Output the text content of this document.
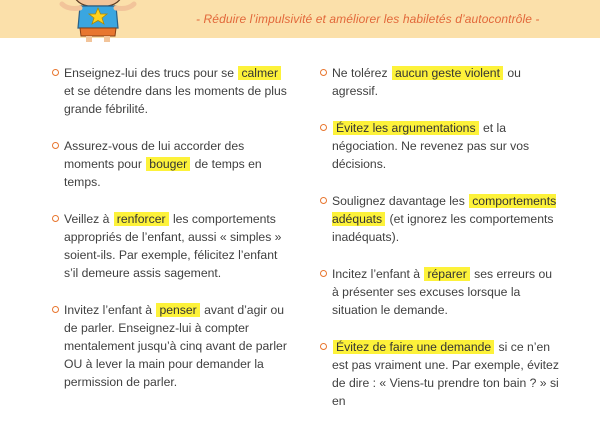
- Réduire l’impulsivité et améliorer les habiletés d’autocontrôle -
Enseignez-lui des trucs pour se calmer et se détendre dans les moments de plus grande fébrilité.
Assurez-vous de lui accorder des moments pour bouger de temps en temps.
Veillez à renforcer les comportements appropriés de l’enfant, aussi « simples » soient-ils. Par exemple, félicitez l’enfant s’il demeure assis sagement.
Invitez l’enfant à penser avant d’agir ou de parler. Enseignez-lui à compter mentalement jusqu’à cinq avant de parler OU à lever la main pour demander la permission de parler.
Ne tolérez aucun geste violent ou agressif.
Évitez les argumentations et la négociation. Ne revenez pas sur vos décisions.
Soulignez davantage les comportements adéquats (et ignorez les comportements inadéquats).
Incitez l’enfant à réparer ses erreurs ou à présenter ses excuses lorsque la situation le demande.
Évitez de faire une demande si ce n’en est pas vraiment une. Par exemple, évitez de dire : « Viens-tu prendre ton bain ? » si en
